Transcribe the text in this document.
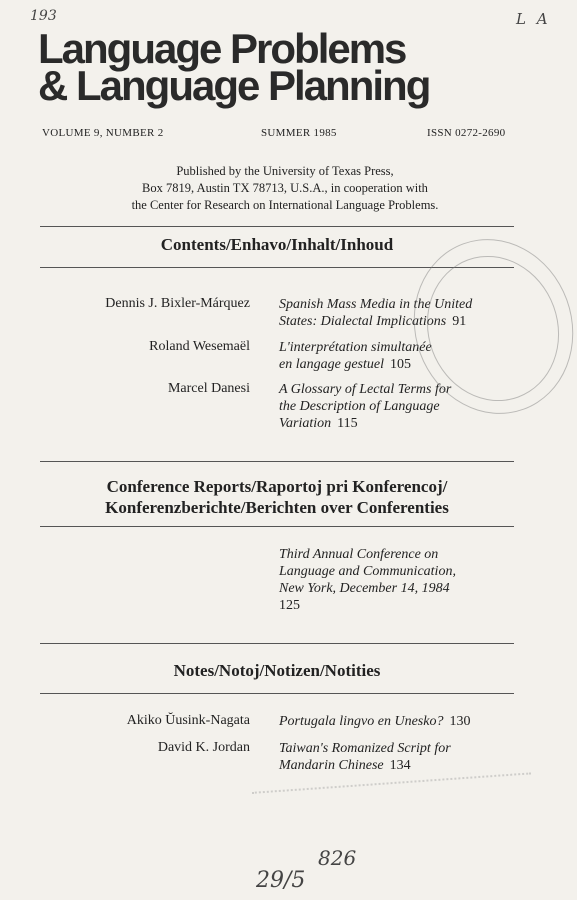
193	L A
Language Problems
& Language Planning
VOLUME 9, NUMBER 2	SUMMER 1985	ISSN 0272-2690
Published by the University of Texas Press,
Box 7819, Austin TX 78713, U.S.A., in cooperation with
the Center for Research on International Language Problems.
Contents/Enhavo/Inhalt/Inhoud
Dennis J. Bixler-Márquez Spanish Mass Media in the United
States: Dialectal Implications 91
Roland Wesemaël L'interprétation simultanée
en langage gestuel 105
Marcel Danesi A Glossary of Lectal Terms for
the Description of Language
Variation 115
Conference Reports/Raportoj pri Konferencoj/
Konferenzberichte/Berichten over Conferenties
Third Annual Conference on
Language and Communication,
New York, December 14, 1984
125
Notes/Notoj/Notizen/Notities
Akiko Ŭusink-Nagata Portugala lingvo en Unesko? 130
David K. Jordan Taiwan's Romanized Script for
Mandarin Chinese 134
826
29/5
